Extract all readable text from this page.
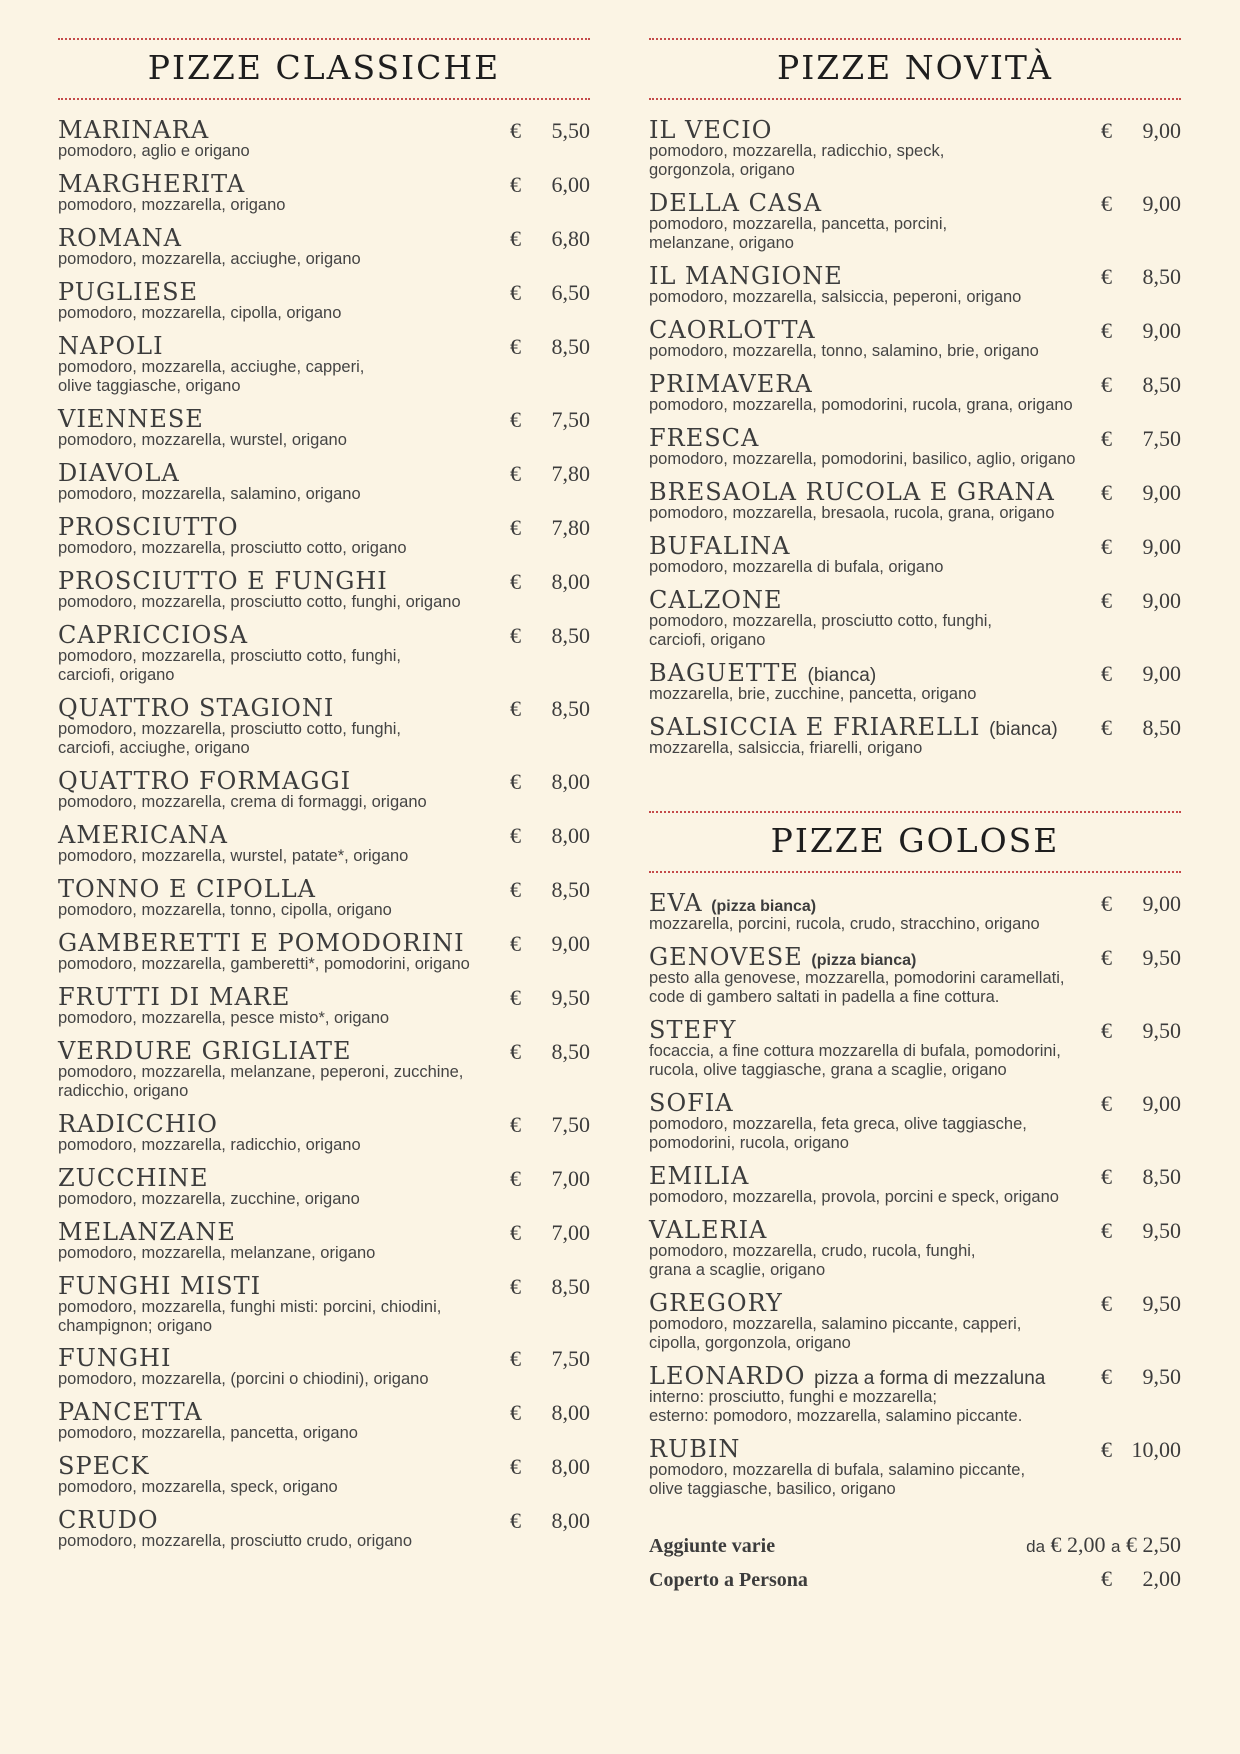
PIZZE CLASSICHE
MARINARA
pomodoro, aglio e origano
€ 5,50
MARGHERITA
pomodoro, mozzarella, origano
€ 6,00
ROMANA
pomodoro, mozzarella, acciughe, origano
€ 6,80
PUGLIESE
pomodoro, mozzarella, cipolla, origano
€ 6,50
NAPOLI
pomodoro, mozzarella, acciughe, capperi,
olive taggiasche, origano
€ 8,50
VIENNESE
pomodoro, mozzarella, wurstel, origano
€ 7,50
DIAVOLA
pomodoro, mozzarella, salamino, origano
€ 7,80
PROSCIUTTO
pomodoro, mozzarella, prosciutto cotto, origano
€ 7,80
PROSCIUTTO E FUNGHI
pomodoro, mozzarella, prosciutto cotto, funghi, origano
€ 8,00
CAPRICCIOSA
pomodoro, mozzarella, prosciutto cotto, funghi,
carciofi, origano
€ 8,50
QUATTRO STAGIONI
pomodoro, mozzarella, prosciutto cotto, funghi,
carciofi, acciughe, origano
€ 8,50
QUATTRO FORMAGGI
pomodoro, mozzarella, crema di formaggi, origano
€ 8,00
AMERICANA
pomodoro, mozzarella, wurstel, patate*, origano
€ 8,00
TONNO E CIPOLLA
pomodoro, mozzarella, tonno, cipolla, origano
€ 8,50
GAMBERETTI E POMODORINI
pomodoro, mozzarella, gamberetti*, pomodorini, origano
€ 9,00
FRUTTI DI MARE
pomodoro, mozzarella, pesce misto*, origano
€ 9,50
VERDURE GRIGLIATE
pomodoro, mozzarella, melanzane, peperoni, zucchine,
radicchio, origano
€ 8,50
RADICCHIO
pomodoro, mozzarella, radicchio, origano
€ 7,50
ZUCCHINE
pomodoro, mozzarella, zucchine, origano
€ 7,00
MELANZANE
pomodoro, mozzarella, melanzane, origano
€ 7,00
FUNGHI MISTI
pomodoro, mozzarella, funghi misti: porcini, chiodini,
champignon; origano
€ 8,50
FUNGHI
pomodoro, mozzarella, (porcini o chiodini), origano
€ 7,50
PANCETTA
pomodoro, mozzarella, pancetta, origano
€ 8,00
SPECK
pomodoro, mozzarella, speck, origano
€ 8,00
CRUDO
pomodoro, mozzarella, prosciutto crudo, origano
€ 8,00
PIZZE NOVITÀ
IL VECIO
pomodoro, mozzarella, radicchio, speck,
gorgonzola, origano
€ 9,00
DELLA CASA
pomodoro, mozzarella, pancetta, porcini,
melanzane, origano
€ 9,00
IL MANGIONE
pomodoro, mozzarella, salsiccia, peperoni, origano
€ 8,50
CAORLOTTA
pomodoro, mozzarella, tonno, salamino, brie, origano
€ 9,00
PRIMAVERA
pomodoro, mozzarella, pomodorini, rucola, grana, origano
€ 8,50
FRESCA
pomodoro, mozzarella, pomodorini, basilico, aglio, origano
€ 7,50
BRESAOLA RUCOLA E GRANA
pomodoro, mozzarella, bresaola, rucola, grana, origano
€ 9,00
BUFALINA
pomodoro, mozzarella di bufala, origano
€ 9,00
CALZONE
pomodoro, mozzarella, prosciutto cotto, funghi,
carciofi, origano
€ 9,00
BAGUETTE (bianca)
mozzarella, brie, zucchine, pancetta, origano
€ 9,00
SALSICCIA E FRIARELLI (bianca)
mozzarella, salsiccia, friarelli, origano
€ 8,50
PIZZE GOLOSE
EVA (pizza bianca)
mozzarella, porcini, rucola, crudo, stracchino, origano
€ 9,00
GENOVESE (pizza bianca)
pesto alla genovese, mozzarella, pomodorini caramellati,
code di gambero saltati in padella a fine cottura.
€ 9,50
STEFY
focaccia, a fine cottura mozzarella di bufala, pomodorini,
rucola, olive taggiasche, grana a scaglie, origano
€ 9,50
SOFIA
pomodoro, mozzarella, feta greca, olive taggiasche,
pomodorini, rucola, origano
€ 9,00
EMILIA
pomodoro, mozzarella, provola, porcini e speck, origano
€ 8,50
VALERIA
pomodoro, mozzarella, crudo, rucola, funghi,
grana a scaglie, origano
€ 9,50
GREGORY
pomodoro, mozzarella, salamino piccante, capperi,
cipolla, gorgonzola, origano
€ 9,50
LEONARDO pizza a forma di mezzaluna
interno: prosciutto, funghi e mozzarella;
esterno: pomodoro, mozzarella, salamino piccante.
€ 9,50
RUBIN
pomodoro, mozzarella di bufala, salamino piccante,
olive taggiasche, basilico, origano
€ 10,00
Aggiunte varie	da € 2,00 a € 2,50
Coperto a Persona	€ 2,00
